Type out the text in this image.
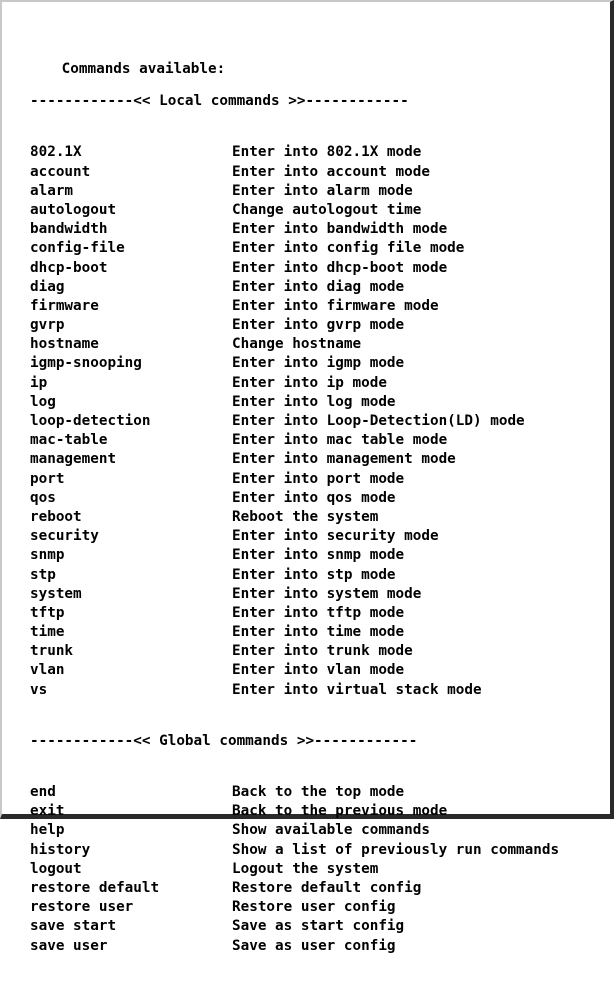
Commands available:

------------<< Local commands >>------------

802.1X	Enter into 802.1X mode
account	Enter into account mode
alarm	Enter into alarm mode
autologout	Change autologout time
bandwidth	Enter into bandwidth mode
config-file	Enter into config file mode
dhcp-boot	Enter into dhcp-boot mode
diag	Enter into diag mode
firmware	Enter into firmware mode
gvrp	Enter into gvrp mode
hostname	Change hostname
igmp-snooping	Enter into igmp mode
ip	Enter into ip mode
log	Enter into log mode
loop-detection	Enter into Loop-Detection(LD) mode
mac-table	Enter into mac table mode
management	Enter into management mode
port	Enter into port mode
qos	Enter into qos mode
reboot	Reboot the system
security	Enter into security mode
snmp	Enter into snmp mode
stp	Enter into stp mode
system	Enter into system mode
tftp	Enter into tftp mode
time	Enter into time mode
trunk	Enter into trunk mode
vlan	Enter into vlan mode
vs	Enter into virtual stack mode

------------<< Global commands >>------------

end	Back to the top mode
exit	Back to the previous mode
help	Show available commands
history	Show a list of previously run commands
logout	Logout the system
restore default	Restore default config
restore user	Restore user config
save start	Save as start config
save user	Save as user config
